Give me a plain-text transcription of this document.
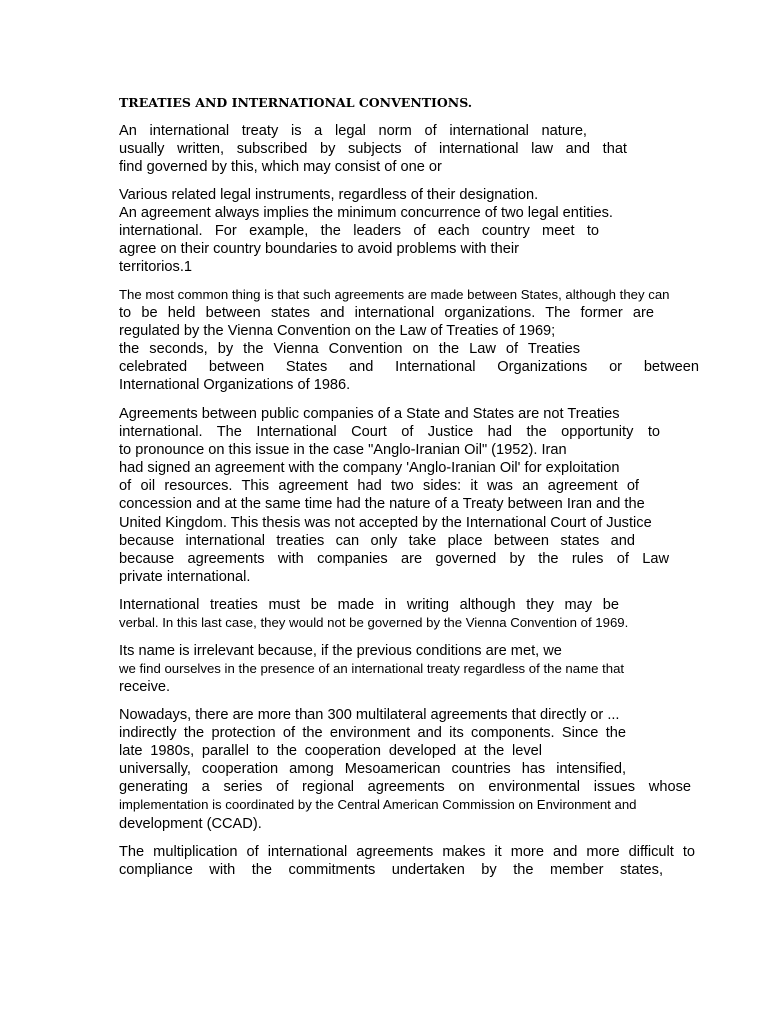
TREATIES AND INTERNATIONAL CONVENTIONS.
An international treaty is a legal norm of international nature,
usually written, subscribed by subjects of international law and that
find governed by this, which may consist of one or
Various related legal instruments, regardless of their designation.
An agreement always implies the minimum concurrence of two legal entities.
international. For example, the leaders of each country meet to
agree on their country boundaries to avoid problems with their
territorios.1
The most common thing is that such agreements are made between States, although they can
to be held between states and international organizations. The former are
regulated by the Vienna Convention on the Law of Treaties of 1969;
the seconds, by the Vienna Convention on the Law of Treaties
celebrated between States and International Organizations or between
International Organizations of 1986.
Agreements between public companies of a State and States are not Treaties
international. The International Court of Justice had the opportunity to
to pronounce on this issue in the case "Anglo-Iranian Oil" (1952). Iran
had signed an agreement with the company 'Anglo-Iranian Oil' for exploitation
of oil resources. This agreement had two sides: it was an agreement of
concession and at the same time had the nature of a Treaty between Iran and the
United Kingdom. This thesis was not accepted by the International Court of Justice
because international treaties can only take place between states and
because agreements with companies are governed by the rules of Law
private international.
International treaties must be made in writing although they may be
verbal. In this last case, they would not be governed by the Vienna Convention of 1969.
Its name is irrelevant because, if the previous conditions are met, we
we find ourselves in the presence of an international treaty regardless of the name that
receive.
Nowadays, there are more than 300 multilateral agreements that directly or ...
indirectly the protection of the environment and its components. Since the
late 1980s, parallel to the cooperation developed at the level
universally, cooperation among Mesoamerican countries has intensified,
generating a series of regional agreements on environmental issues whose
implementation is coordinated by the Central American Commission on Environment and
development (CCAD).
The multiplication of international agreements makes it more and more difficult to
compliance with the commitments undertaken by the member states,
